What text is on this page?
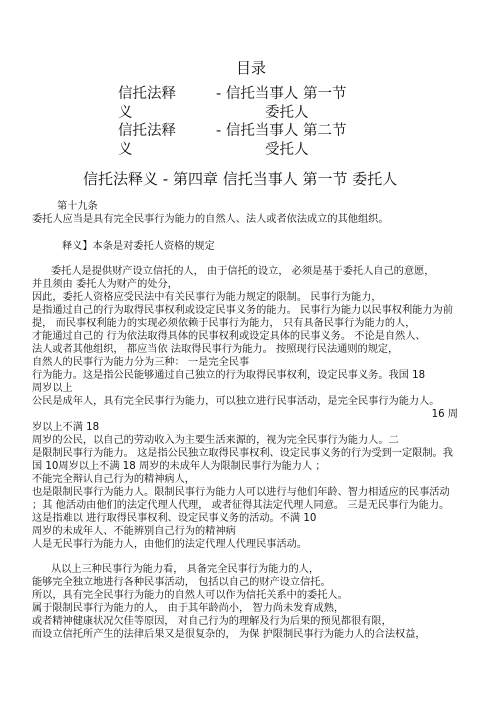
目录
信托法释	- 信托当事人 第一节
义	委托人
信托法释	- 信托当事人 第二节
义	受托人
信托法释义 - 第四章 信托当事人 第一节 委托人
第十九条
委托人应当是具有完全民事行为能力的自然人、法人或者依法成立的其他组织。
释义】本条是对委托人资格的规定
委托人是提供财产设立信托的人， 由于信托的设立， 必须是基于委托人自己的意愿，
并且须由 委托人为财产的处分，
因此，委托人资格应受民法中有关民事行为能力规定的限制。 民事行为能力，
是指通过自己的行为取得民事权利或设定民事义务的能力。 民事行为能力以民事权利能力为前
提， 而民事权利能力的实现必须依赖于民事行为能力， 只有具备民事行为能力的人，
才能通过自己的 行为依法取得具体的民事权利或设定具体的民事义务。 不论是自然人、
法人或者其他组织， 都应当依 法取得民事行为能力。 按照现行民法通则的规定，
自然人的民事行为能力分为三种： 一是完全民事
行为能力。这是指公民能够通过自己独立的行为取得民事权利，设定民事义务。我国 18
周岁以上
公民是成年人，具有完全民事行为能力，可以独立进行民事活动，是完全民事行为能力人。
16 周
岁以上不满 18
周岁的公民，以自己的劳动收入为主要生活来源的，视为完全民事行为能力人。二
是限制民事行为能力。 这是指公民独立取得民事权利、设定民事义务的行为受到一定限制。我
国 10周岁以上不满 18 周岁的未成年人为限制民事行为能力人 ；
不能完全辩认自己行为的精神病人，
也是限制民事行为能力人。限制民事行为能力人可以进行与他们年龄、智力相适应的民事活动
；其 他活动由他们的法定代理人代理， 或者征得其法定代理人同意。 三是无民事行为能力。
这是指难以 进行取得民事权利、设定民事义务的活动。不满 10
周岁的未成年人、不能辨别自己行为的精神病
人是无民事行为能力人，由他们的法定代理人代理民事活动。
从以上三种民事行为能力看， 具备完全民事行为能力的人，
能够完全独立地进行各种民事活动， 包括以自己的财产设立信托。
所以，具有完全民事行为能力的自然人可以作为信托关系中的委托人。
属于限制民事行为能力的人， 由于其年龄尚小， 智力尚未发育成熟，
或者精神健康状况欠佳等原因， 对自己行为的理解及行为后果的预见都很有限，
而设立信托所产生的法律后果又是很复杂的， 为保 护限制民事行为能力人的合法权益，
